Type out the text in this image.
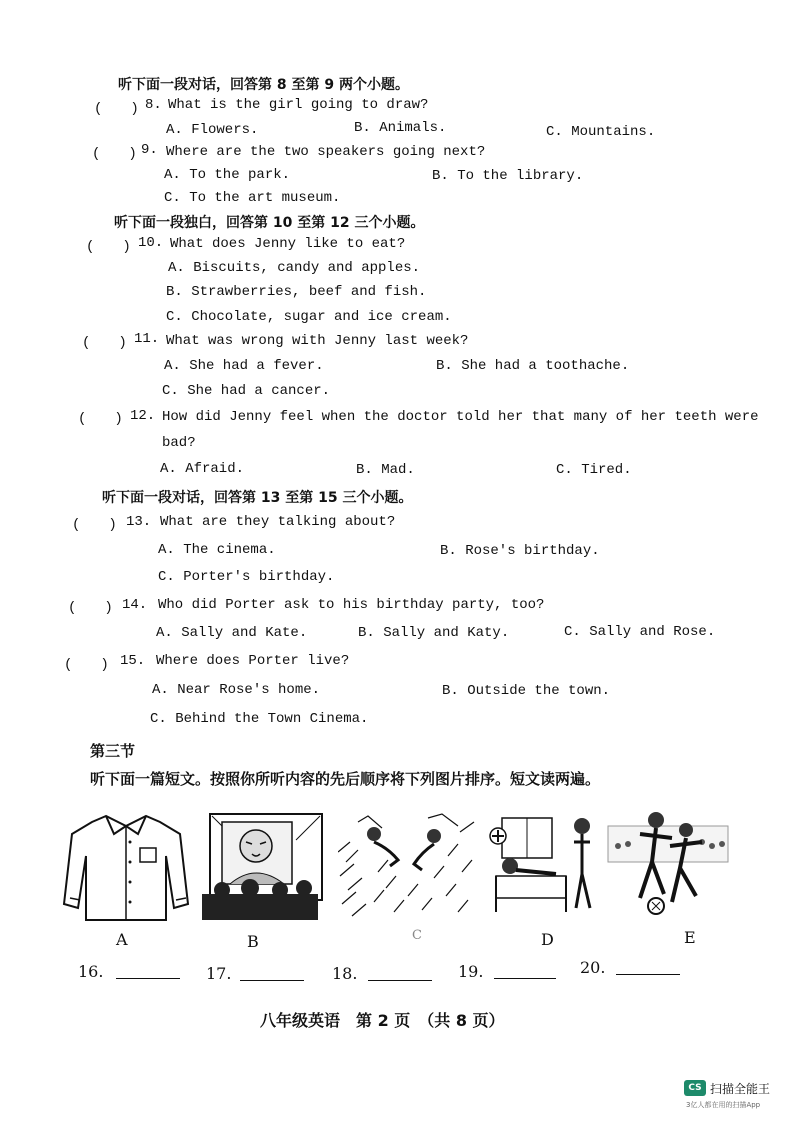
听下面一段对话，回答第 8 至第 9 两个小题。
(　　) 8. What is the girl going to draw?
A. Flowers.	B. Animals.	C. Mountains.
(　　) 9. Where are the two speakers going next?
A. To the park.	B. To the library.
C. To the art museum.
听下面一段独白，回答第 10 至第 12 三个小题。
(　　) 10. What does Jenny like to eat?
A. Biscuits, candy and apples.
B. Strawberries, beef and fish.
C. Chocolate, sugar and ice cream.
(　　) 11. What was wrong with Jenny last week?
A. She had a fever.	B. She had a toothache.
C. She had a cancer.
(　　) 12. How did Jenny feel when the doctor told her that many of her teeth were
bad?
A. Afraid.	B. Mad.	C. Tired.
听下面一段对话，回答第 13 至第 15 三个小题。
(　　) 13. What are they talking about?
A. The cinema.	B. Rose's birthday.
C. Porter's birthday.
(　　) 14. Who did Porter ask to his birthday party, too?
A. Sally and Kate.	B. Sally and Katy.	C. Sally and Rose.
(　　) 15. Where does Porter live?
A. Near Rose's home.	B. Outside the town.
C. Behind the Town Cinema.
第三节
听下面一篇短文。按照你所听内容的先后顺序将下列图片排序。短文读两遍。
A	B	C	D	E
16.	17.	18.	19.	20.
八年级英语　第 2 页　（共 8 页）
CS 扫描全能王
3亿人都在用的扫描App
